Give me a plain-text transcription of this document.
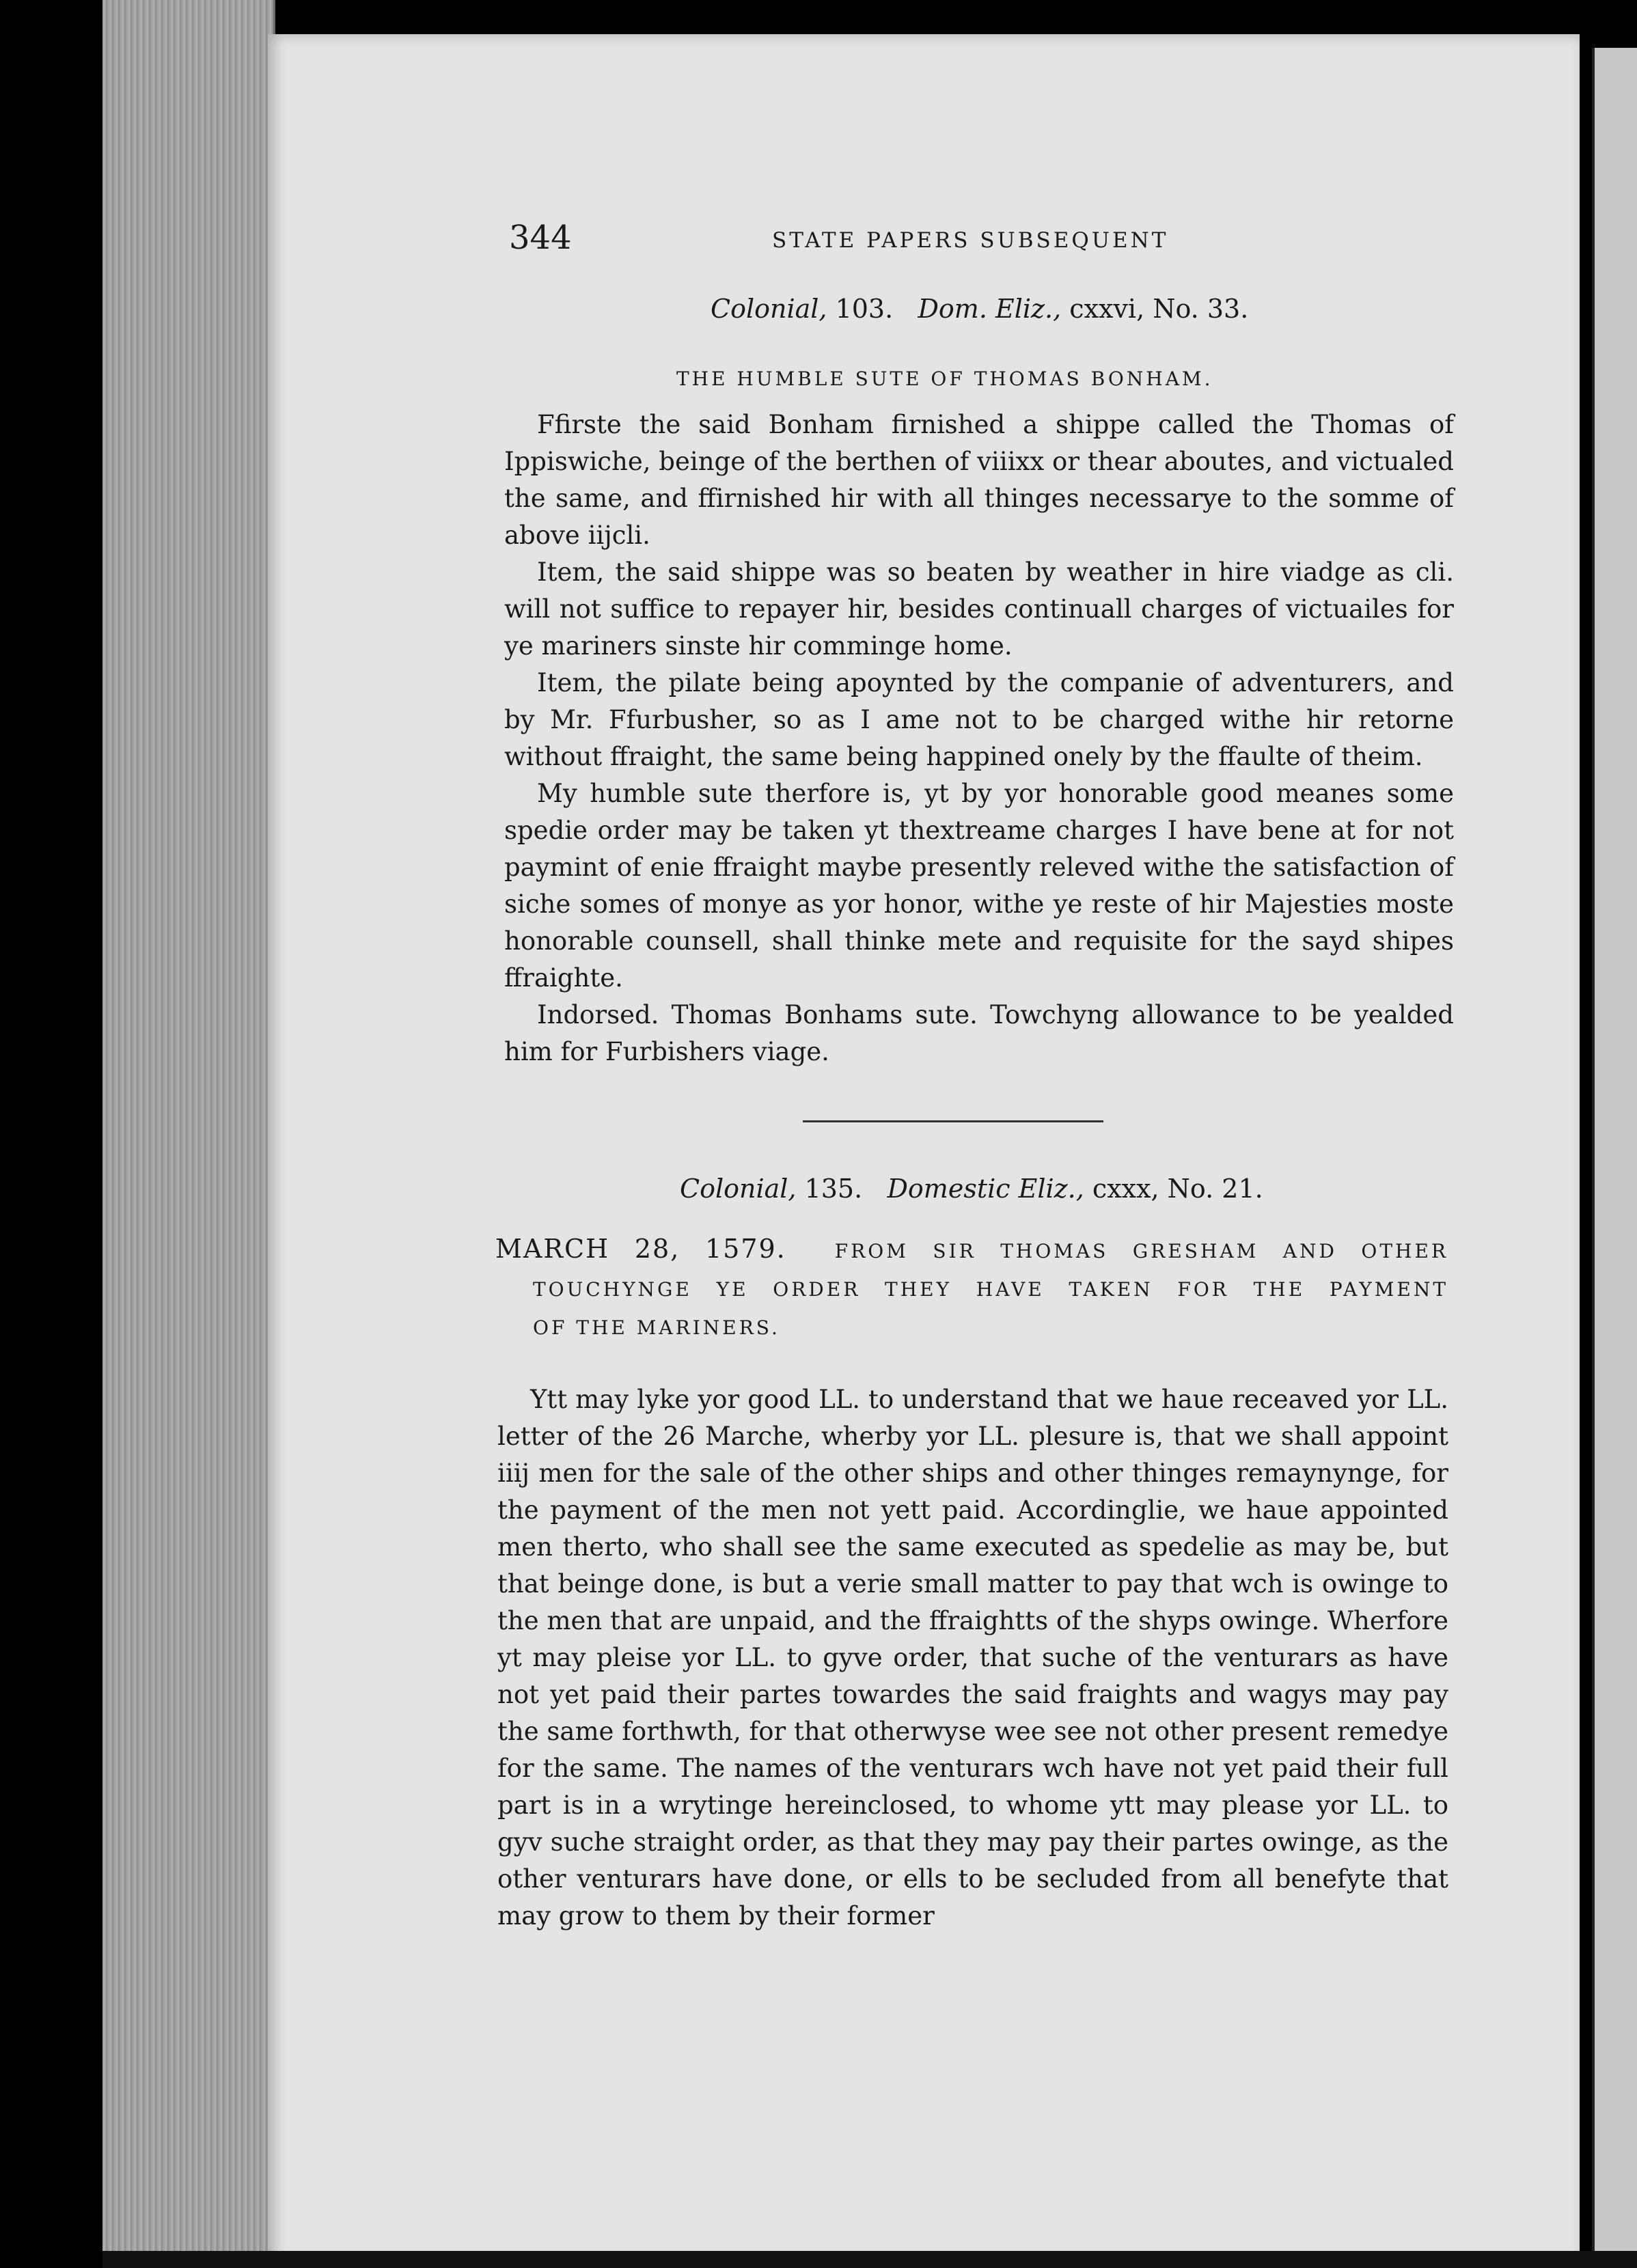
344	STATE PAPERS SUBSEQUENT
Colonial, 103. Dom. Eliz., cxxvi, No. 33.
THE HUMBLE SUTE OF THOMAS BONHAM.

Ffirste the said Bonham firnished a shippe called the Thomas of Ippiswiche, beinge of the berthen of viiixx or thear aboutes, and victualed the same, and ffirnished hir with all thinges necessarye to the somme of above iijcli.

Item, the said shippe was so beaten by weather in hire viadge as cli. will not suffice to repayer hir, besides continuall charges of victuailes for ye mariners sinste hir comminge home.

Item, the pilate being apoynted by the companie of adventurers, and by Mr. Ffurbusher, so as I ame not to be charged withe hir retorne without ffraight, the same being happined onely by the ffaulte of theim.

My humble sute therfore is, yt by yor honorable good meanes some spedie order may be taken yt thextreame charges I have bene at for not paymint of enie ffraight maybe presently releved withe the satisfaction of siche somes of monye as yor honor, withe ye reste of hir Majesties moste honorable counsell, shall thinke mete and requisite for the sayd shipes ffraighte.

Indorsed. Thomas Bonhams sute. Towchyng allowance to be yealded him for Furbishers viage.

Colonial, 135. Domestic Eliz., cxxx, No. 21.
MARCH 28, 1579.	FROM SIR THOMAS GRESHAM AND OTHER
TOUCHYNGE YE ORDER THEY HAVE TAKEN FOR THE PAYMENT
OF THE MARINERS.

Ytt may lyke yor good LL. to understand that we haue receaved yor LL. letter of the 26 Marche, wherby yor LL. plesure is, that we shall appoint iiij men for the sale of the other ships and other thinges remaynynge, for the payment of the men not yett paid. Accordinglie, we haue appointed men therto, who shall see the same executed as spedelie as may be, but that beinge done, is but a verie small matter to pay that wch is owinge to the men that are unpaid, and the ffraightts of the shyps owinge. Wherfore yt may pleise yor LL. to gyve order, that suche of the venturars as have not yet paid their partes towardes the said fraights and wagys may pay the same forthwth, for that otherwyse wee see not other present remedye for the same. The names of the venturars wch have not yet paid their full part is in a wrytinge hereinclosed, to whome ytt may please yor LL. to gyv suche straight order, as that they may pay their partes owinge, as the other venturars have done, or ells to be secluded from all benefyte that may grow to them by their former
